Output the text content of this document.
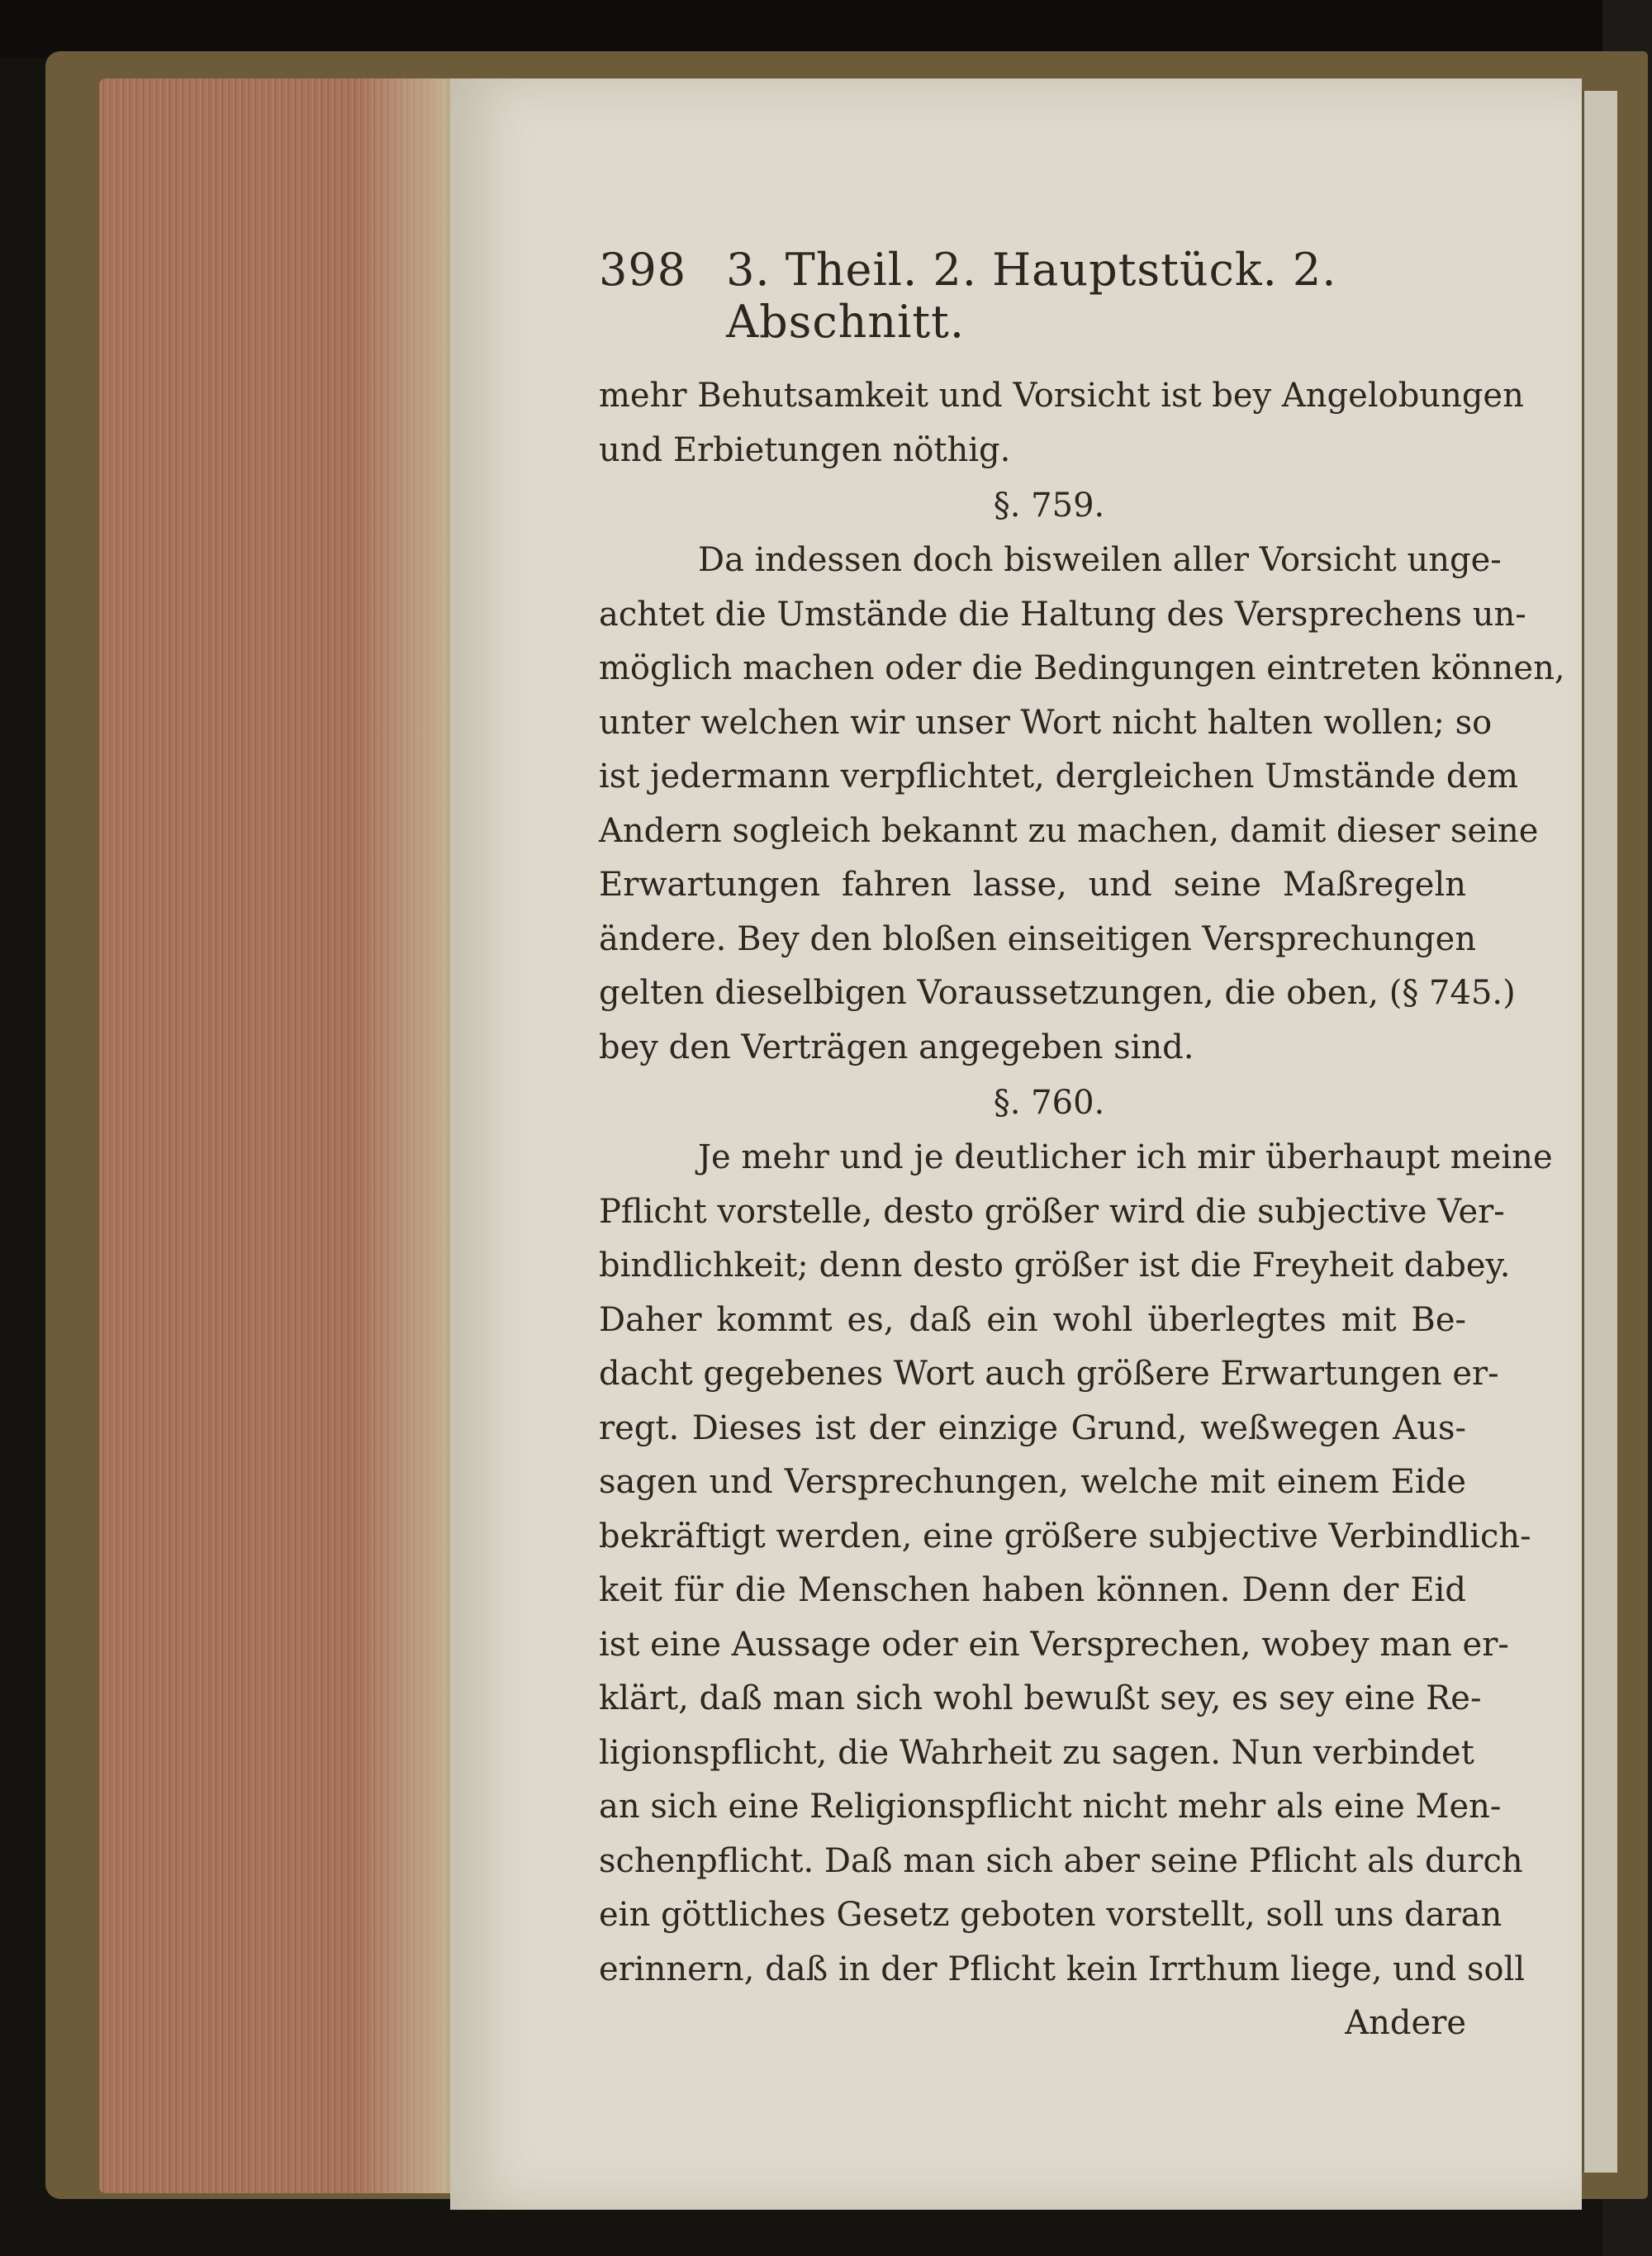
398 3. Theil. 2. Hauptstück. 2. Abschnitt.
mehr Behutsamkeit und Vorsicht ist bey Angelobungen
und Erbietungen nöthig.
§. 759.
Da indessen doch bisweilen aller Vorsicht unge-
achtet die Umstände die Haltung des Versprechens un-
möglich machen oder die Bedingungen eintreten können,
unter welchen wir unser Wort nicht halten wollen; so
ist jedermann verpflichtet, dergleichen Umstände dem
Andern sogleich bekannt zu machen, damit dieser seine
Erwartungen fahren lasse, und seine Maßregeln
ändere. Bey den bloßen einseitigen Versprechungen
gelten dieselbigen Voraussetzungen, die oben, (§ 745.)
bey den Verträgen angegeben sind.
§. 760.
Je mehr und je deutlicher ich mir überhaupt meine
Pflicht vorstelle, desto größer wird die subjective Ver-
bindlichkeit; denn desto größer ist die Freyheit dabey.
Daher kommt es, daß ein wohl überlegtes mit Be-
dacht gegebenes Wort auch größere Erwartungen er-
regt. Dieses ist der einzige Grund, weßwegen Aus-
sagen und Versprechungen, welche mit einem Eide
bekräftigt werden, eine größere subjective Verbindlich-
keit für die Menschen haben können. Denn der Eid
ist eine Aussage oder ein Versprechen, wobey man er-
klärt, daß man sich wohl bewußt sey, es sey eine Re-
ligionspflicht, die Wahrheit zu sagen. Nun verbindet
an sich eine Religionspflicht nicht mehr als eine Men-
schenpflicht. Daß man sich aber seine Pflicht als durch
ein göttliches Gesetz geboten vorstellt, soll uns daran
erinnern, daß in der Pflicht kein Irrthum liege, und soll
Andere
